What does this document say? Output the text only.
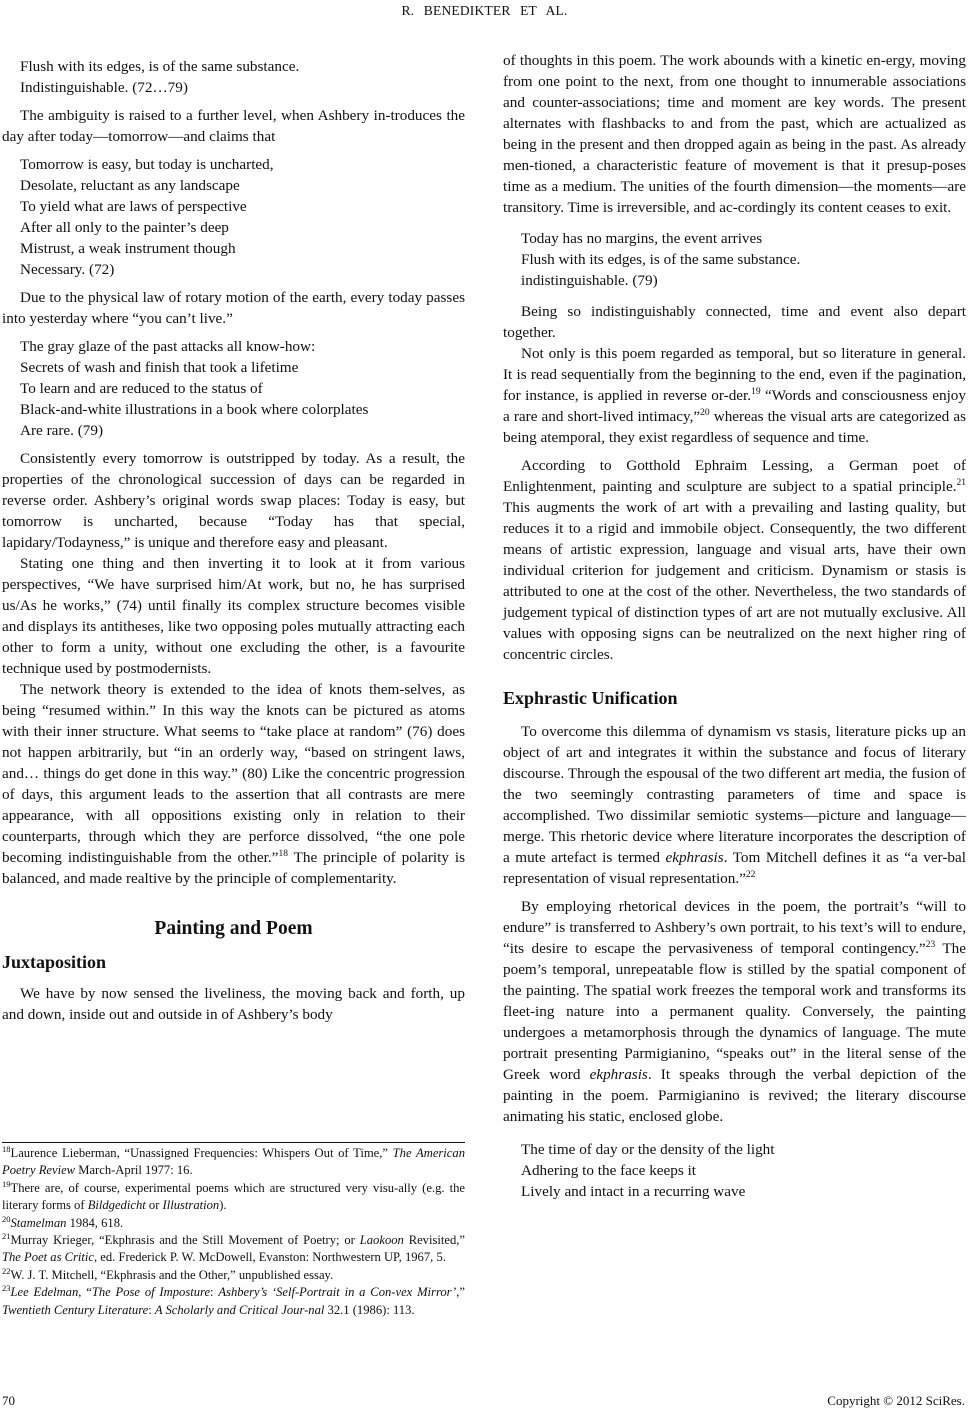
R. BENEDIKTER ET AL.
Flush with its edges, is of the same substance.
Indistinguishable. (72…79)

The ambiguity is raised to a further level, when Ashbery in-troduces the day after today—tomorrow—and claims that

Tomorrow is easy, but today is uncharted,
Desolate, reluctant as any landscape
To yield what are laws of perspective
After all only to the painter’s deep
Mistrust, a weak instrument though
Necessary. (72)

Due to the physical law of rotary motion of the earth, every today passes into yesterday where “you can’t live.”

The gray glaze of the past attacks all know-how:
Secrets of wash and finish that took a lifetime
To learn and are reduced to the status of
Black-and-white illustrations in a book where colorplates
Are rare. (79)

Consistently every tomorrow is outstripped by today. As a result, the properties of the chronological succession of days can be regarded in reverse order. Ashbery’s original words swap places: Today is easy, but tomorrow is uncharted, because “Today has that special, lapidary/Todayness,” is unique and therefore easy and pleasant.

Stating one thing and then inverting it to look at it from various perspectives, “We have surprised him/At work, but no, he has surprised us/As he works,” (74) until finally its complex structure becomes visible and displays its antitheses, like two opposing poles mutually attracting each other to form a unity, without one excluding the other, is a favourite technique used by postmodernists.

The network theory is extended to the idea of knots them-selves, as being “resumed within.” In this way the knots can be pictured as atoms with their inner structure. What seems to “take place at random” (76) does not happen arbitrarily, but “in an orderly way, “based on stringent laws, and… things do get done in this way.” (80) Like the concentric progression of days, this argument leads to the assertion that all contrasts are mere appearance, with all oppositions existing only in relation to their counterparts, through which they are perforce dissolved, “the one pole becoming indistinguishable from the other.”$^{18}$ The principle of polarity is balanced, and made realtive by the principle of complementarity.

Painting and Poem
Juxtaposition

We have by now sensed the liveliness, the moving back and forth, up and down, inside out and outside in of Ashbery’s body

of thoughts in this poem. The work abounds with a kinetic en-ergy, moving from one point to the next, from one thought to innumerable associations and counter-associations; time and moment are key words. The present alternates with flashbacks to and from the past, which are actualized as being in the present and then dropped again as being in the past. As already men-tioned, a characteristic feature of movement is that it presup-poses time as a medium. The unities of the fourth dimension—the moments—are transitory. Time is irreversible, and ac-cordingly its content ceases to exit.

Today has no margins, the event arrives
Flush with its edges, is of the same substance.
indistinguishable. (79)

Being so indistinguishably connected, time and event also depart together.

Not only is this poem regarded as temporal, but so literature in general. It is read sequentially from the beginning to the end, even if the pagination, for instance, is applied in reverse or-der.$^{19}$ “Words and consciousness enjoy a rare and short-lived intimacy,”$^{20}$ whereas the visual arts are categorized as being atemporal, they exist regardless of sequence and time.

According to Gotthold Ephraim Lessing, a German poet of Enlightenment, painting and sculpture are subject to a spatial principle.$^{21}$ This augments the work of art with a prevailing and lasting quality, but reduces it to a rigid and immobile object. Consequently, the two different means of artistic expression, language and visual arts, have their own individual criterion for judgement and criticism. Dynamism or stasis is attributed to one at the cost of the other. Nevertheless, the two standards of judgement typical of distinction types of art are not mutually exclusive. All values with opposing signs can be neutralized on the next higher ring of concentric circles.

Exphrastic Unification

To overcome this dilemma of dynamism vs stasis, literature picks up an object of art and integrates it within the substance and focus of literary discourse. Through the espousal of the two different art media, the fusion of the two seemingly contrasting parameters of time and space is accomplished. Two dissimilar semiotic systems—picture and language—merge. This rhetoric device where literature incorporates the description of a mute artefact is termed ekphrasis. Tom Mitchell defines it as “a ver-bal representation of visual representation.”$^{22}$

By employing rhetorical devices in the poem, the portrait’s “will to endure” is transferred to Ashbery’s own portrait, to his text’s will to endure, “its desire to escape the pervasiveness of temporal contingency.”$^{23}$ The poem’s temporal, unrepeatable flow is stilled by the spatial component of the painting. The spatial work freezes the temporal work and transforms its fleet-ing nature into a permanent quality. Conversely, the painting undergoes a metamorphosis through the dynamics of language. The mute portrait presenting Parmigianino, “speaks out” in the literal sense of the Greek word ekphrasis. It speaks through the verbal depiction of the painting in the poem. Parmigianino is revived; the literary discourse animating his static, enclosed globe.

The time of day or the density of the light
Adhering to the face keeps it
Lively and intact in a recurring wave

$^{18}$Laurence Lieberman, “Unassigned Frequencies: Whispers Out of Time,” The American Poetry Review March-April 1977: 16.

$^{19}$There are, of course, experimental poems which are structured very visu-ally (e.g. the literary forms of Bildgedicht or Illustration).

$^{20}$Stamelman 1984, 618.

$^{21}$Murray Krieger, “Ekphrasis and the Still Movement of Poetry; or Laokoon Revisited,” The Poet as Critic, ed. Frederick P. W. McDowell, Evanston: Northwestern UP, 1967, 5.

$^{22}$W. J. T. Mitchell, “Ekphrasis and the Other,” unpublished essay.

$^{23}$Lee Edelman, “The Pose of Imposture: Ashbery’s ‘Self-Portrait in a Con-vex Mirror’,” Twentieth Century Literature: A Scholarly and Critical Jour-nal 32.1 (1986): 113.

70	Copyright © 2012 SciRes.
